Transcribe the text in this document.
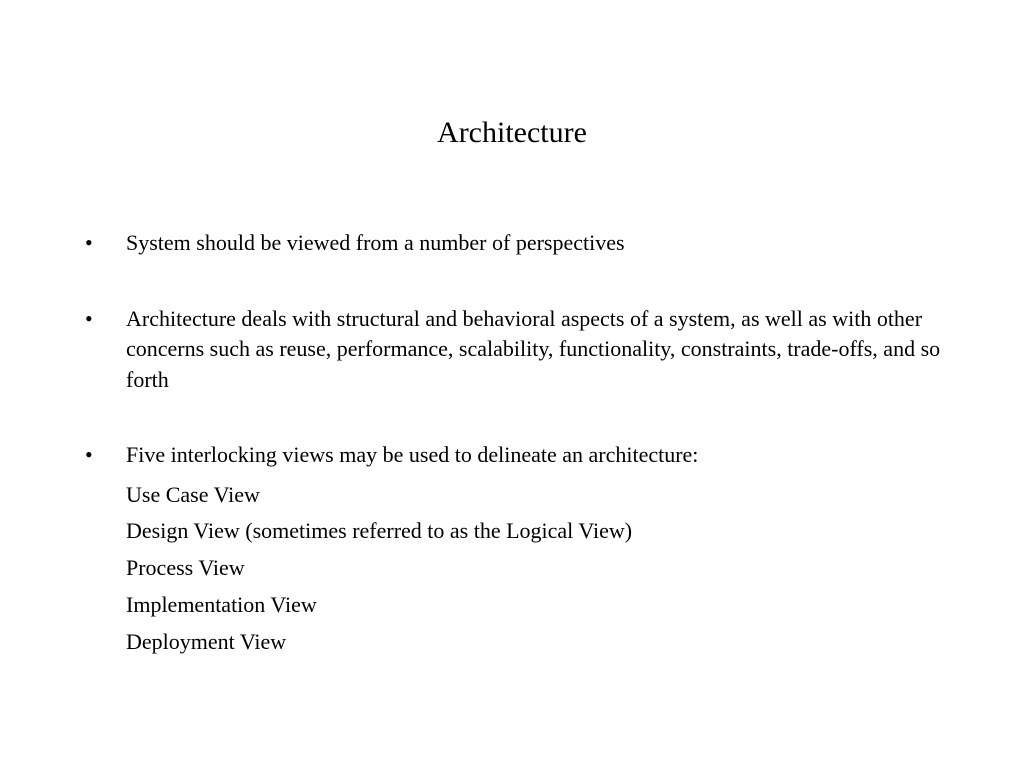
Architecture
• System should be viewed from a number of perspectives
• Architecture deals with structural and behavioral aspects of a system, as well as with other concerns such as reuse, performance, scalability, functionality, constraints, trade-offs, and so forth
• Five interlocking views may be used to delineate an architecture:
Use Case View
Design View (sometimes referred to as the Logical View)
Process View
Implementation View
Deployment View
